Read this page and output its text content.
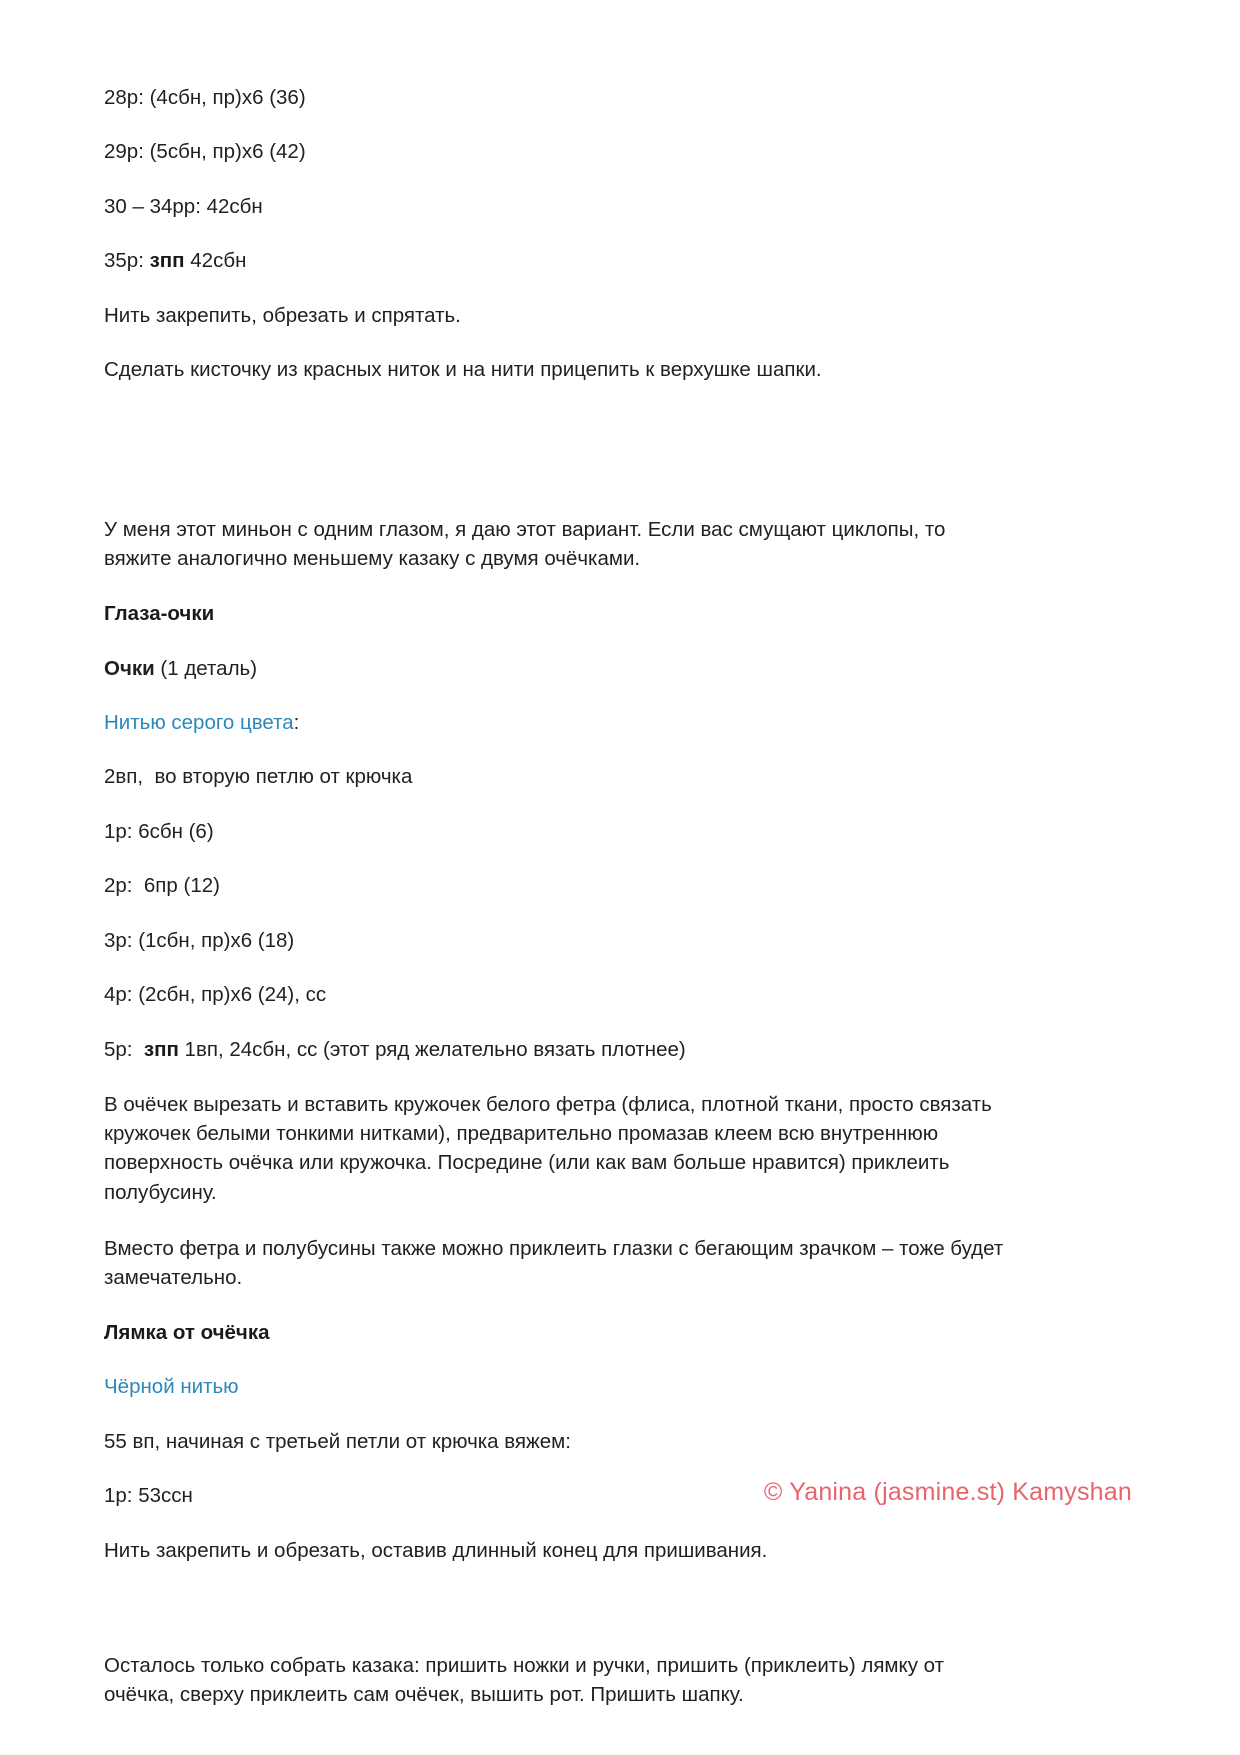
28р: (4сбн, пр)х6 (36)

29р: (5сбн, пр)х6 (42)

30 – 34рр: 42сбн

35р: зпп 42сбн

Нить закрепить, обрезать и спрятать.

Сделать кисточку из красных ниток и на нити прицепить к верхушке шапки.

У меня этот миньон с одним глазом, я даю этот вариант. Если вас смущают циклопы, то вяжите аналогично меньшему казаку с двумя очёчками.

Глаза-очки

Очки (1 деталь)

Нитью серого цвета:

2вп,  во вторую петлю от крючка

1р: 6сбн (6)

2р:  6пр (12)

3р: (1сбн, пр)х6 (18)

4р: (2сбн, пр)х6 (24), сс

5р:  зпп 1вп, 24сбн, сс (этот ряд желательно вязать плотнее)

В очёчек вырезать и вставить кружочек белого фетра (флиса, плотной ткани, просто связать кружочек белыми тонкими нитками), предварительно промазав клеем всю внутреннюю поверхность очёчка или кружочка. Посредине (или как вам больше нравится) приклеить полубусину.

Вместо фетра и полубусины также можно приклеить глазки с бегающим зрачком – тоже будет замечательно.

Лямка от очёчка

Чёрной нитью

55 вп, начиная с третьей петли от крючка вяжем:

1р: 53ссн

Нить закрепить и обрезать, оставив длинный конец для пришивания.

Осталось только собрать казака: пришить ножки и ручки, пришить (приклеить) лямку от очёчка, сверху приклеить сам очёчек, вышить рот. Пришить шапку.

© Yanina (jasmine.st) Kamyshan
